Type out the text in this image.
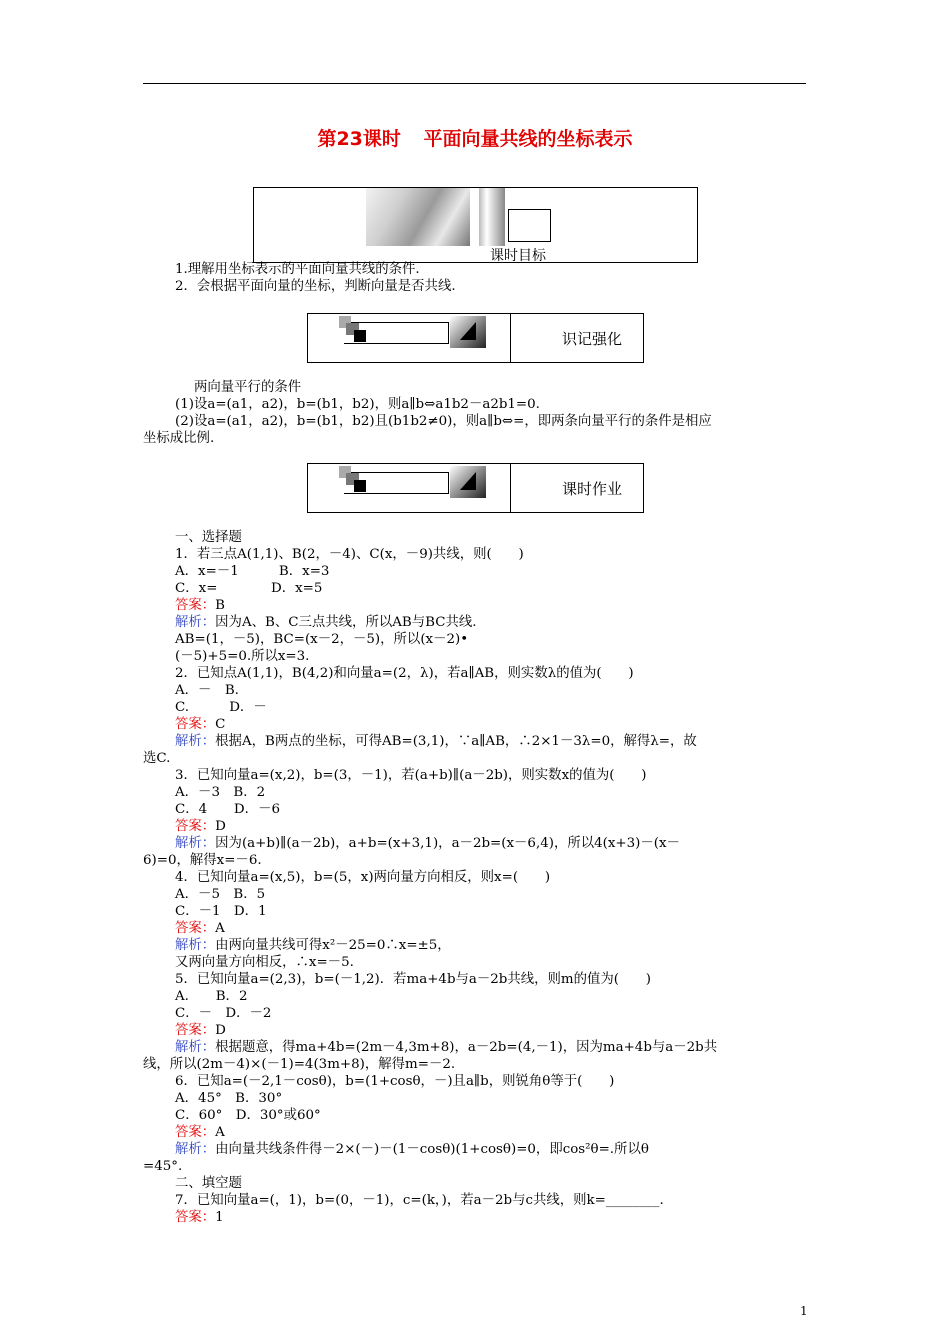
第23课时 平面向量共线的坐标表示
课时目标
1.理解用坐标表示的平面向量共线的条件.
2．会根据平面向量的坐标，判断向量是否共线.
识记强化
两向量平行的条件
(1)设a=(a1，a2)，b=(b1，b2)，则a∥b⇔a1b2－a2b1=0.
(2)设a=(a1，a2)，b=(b1，b2)且(b1b2≠0)，则a∥b⇔=，即两条向量平行的条件是相应
坐标成比例.
课时作业
一、选择题
1．若三点A(1,1)、B(2，－4)、C(x，－9)共线，则(　　)
A．x=－1　　　B．x=3
C．x=　　　　D．x=5
答案：B
解析：因为A、B、C三点共线，所以AB与BC共线.
AB=(1，－5)，BC=(x－2，－5)，所以(x－2)•
(－5)+5=0.所以x=3.
2．已知点A(1,1)，B(4,2)和向量a=(2，λ)，若a∥AB，则实数λ的值为(　　)
A．－　B.
C.　　　D．－
答案：C
解析：根据A，B两点的坐标，可得AB=(3,1)，∵a∥AB，∴2×1－3λ=0，解得λ=，故
选C.
3．已知向量a=(x,2)，b=(3，－1)，若(a+b)∥(a－2b)，则实数x的值为(　　)
A．－3　B．2
C．4　　D．－6
答案：D
解析：因为(a+b)∥(a－2b)，a+b=(x+3,1)，a－2b=(x－6,4)，所以4(x+3)－(x－
6)=0，解得x=－6.
4．已知向量a=(x,5)，b=(5，x)两向量方向相反，则x=(　　)
A．－5　B．5
C．－1　D．1
答案：A
解析：由两向量共线可得x²－25=0∴x=±5，
又两向量方向相反，∴x=－5.
5．已知向量a=(2,3)，b=(－1,2)．若ma+4b与a－2b共线，则m的值为(　　)
A.　　B．2
C．－　D．－2
答案：D
解析：根据题意，得ma+4b=(2m－4,3m+8)，a－2b=(4,－1)，因为ma+4b与a－2b共
线，所以(2m－4)×(－1)=4(3m+8)，解得m=－2.
6．已知a=(－2,1－cosθ)，b=(1+cosθ，－)且a∥b，则锐角θ等于(　　)
A．45°　B．30°
C．60°　D．30°或60°
答案：A
解析：由向量共线条件得－2×(－)－(1－cosθ)(1+cosθ)=0，即cos²θ=.所以θ
=45°.
二、填空题
7．已知向量a=(，1)，b=(0，－1)，c=(k，)，若a－2b与c共线，则k=________.
答案：1
1
